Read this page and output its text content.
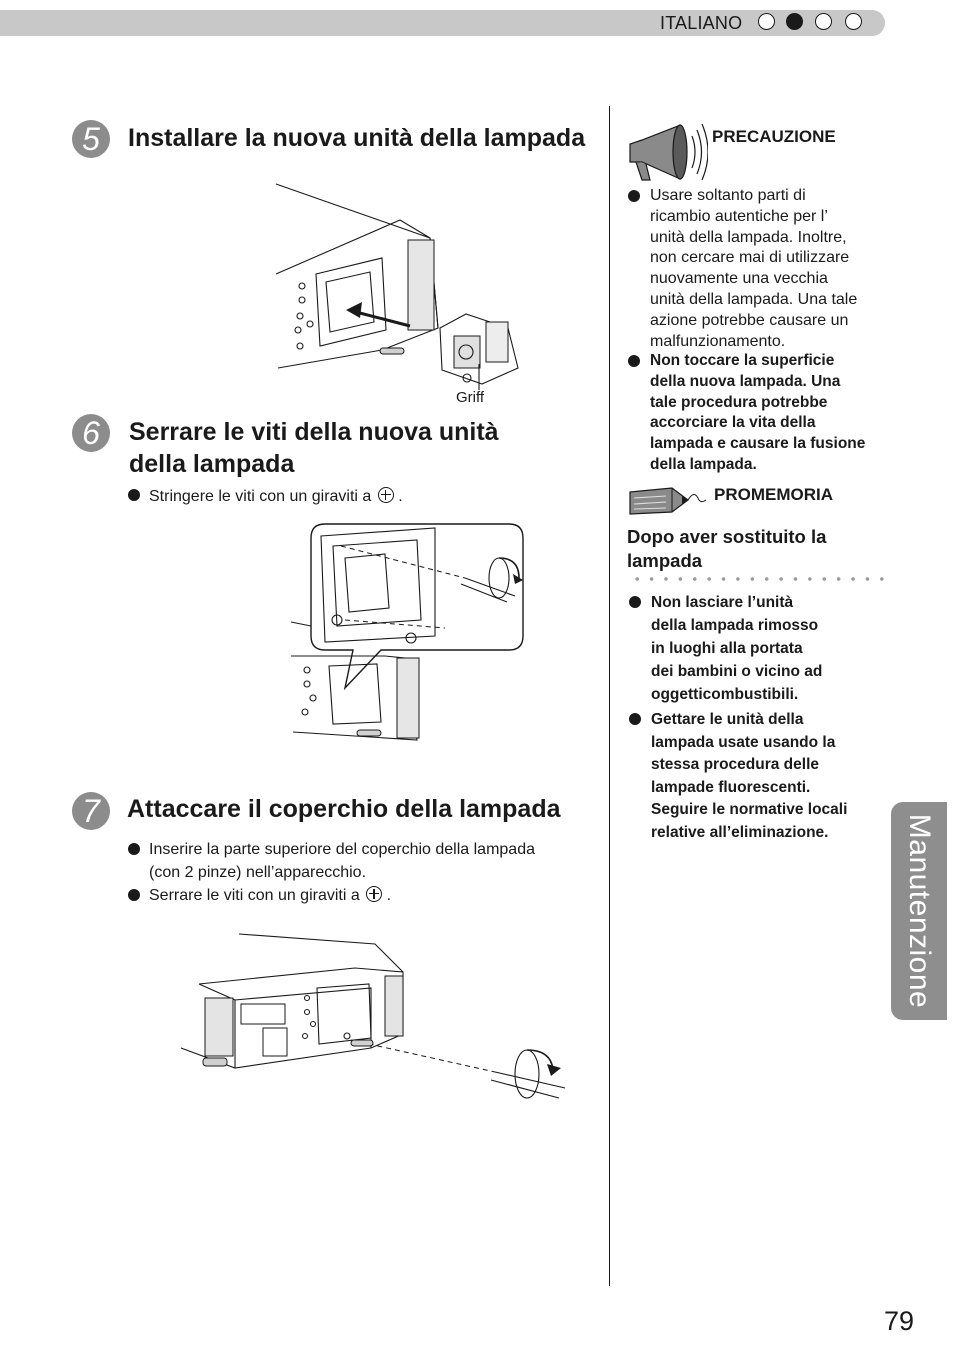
ITALIANO
Manutenzione
5	Installare la nuova unità della lampada
Griff
6	Serrare le viti della nuova unità
della lampada
Stringere le viti con un giraviti a .
7	Attaccare il coperchio della lampada
Inserire la parte superiore del coperchio della lampada
(con 2 pinze) nell’apparecchio.
Serrare le viti con un giraviti a .
PRECAUZIONE
Usare soltanto parti di
ricambio autentiche per l’
unità della lampada. Inoltre,
non cercare mai di utilizzare
nuovamente una vecchia
unità della lampada. Una tale
azione potrebbe causare un
malfunzionamento.
Non toccare la superficie
della nuova lampada. Una
tale procedura potrebbe
accorciare la vita della
lampada e causare la fusione
della lampada.
PROMEMORIA
Dopo aver sostituito la
lampada
Non lasciare l’unità
della lampada rimosso
in luoghi alla portata
dei bambini o vicino ad
oggetticombustibili.
Gettare le unità della
lampada usate usando la
stessa procedura delle
lampade fluorescenti.
Seguire le normative locali
relative all’eliminazione.
79
